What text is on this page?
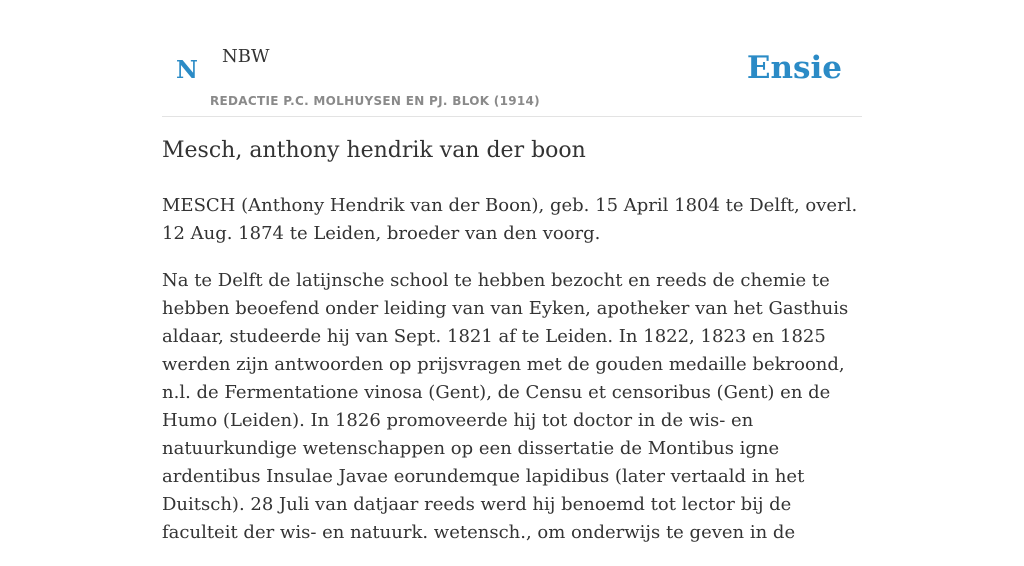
N NBW
REDACTIE P.C. MOLHUYSEN EN PJ. BLOK (1914)
Ensie
Mesch, anthony hendrik van der boon

MESCH (Anthony Hendrik van der Boon), geb. 15 April 1804 te Delft, overl. 12 Aug. 1874 te Leiden, broeder van den voorg.

Na te Delft de latijnsche school te hebben bezocht en reeds de chemie te hebben beoefend onder leiding van van Eyken, apotheker van het Gasthuis aldaar, studeerde hij van Sept. 1821 af te Leiden. In 1822, 1823 en 1825 werden zijn antwoorden op prijsvragen met de gouden medaille bekroond, n.l. de Fermentatione vinosa (Gent), de Censu et censoribus (Gent) en de Humo (Leiden). In 1826 promoveerde hij tot doctor in de wis- en natuurkundige wetenschappen op een dissertatie de Montibus igne ardentibus Insulae Javae eorundemque lapidibus (later vertaald in het Duitsch). 28 Juli van datjaar reeds werd hij benoemd tot lector bij de faculteit der wis- en natuurk. wetensch., om onderwijs te geven in de
